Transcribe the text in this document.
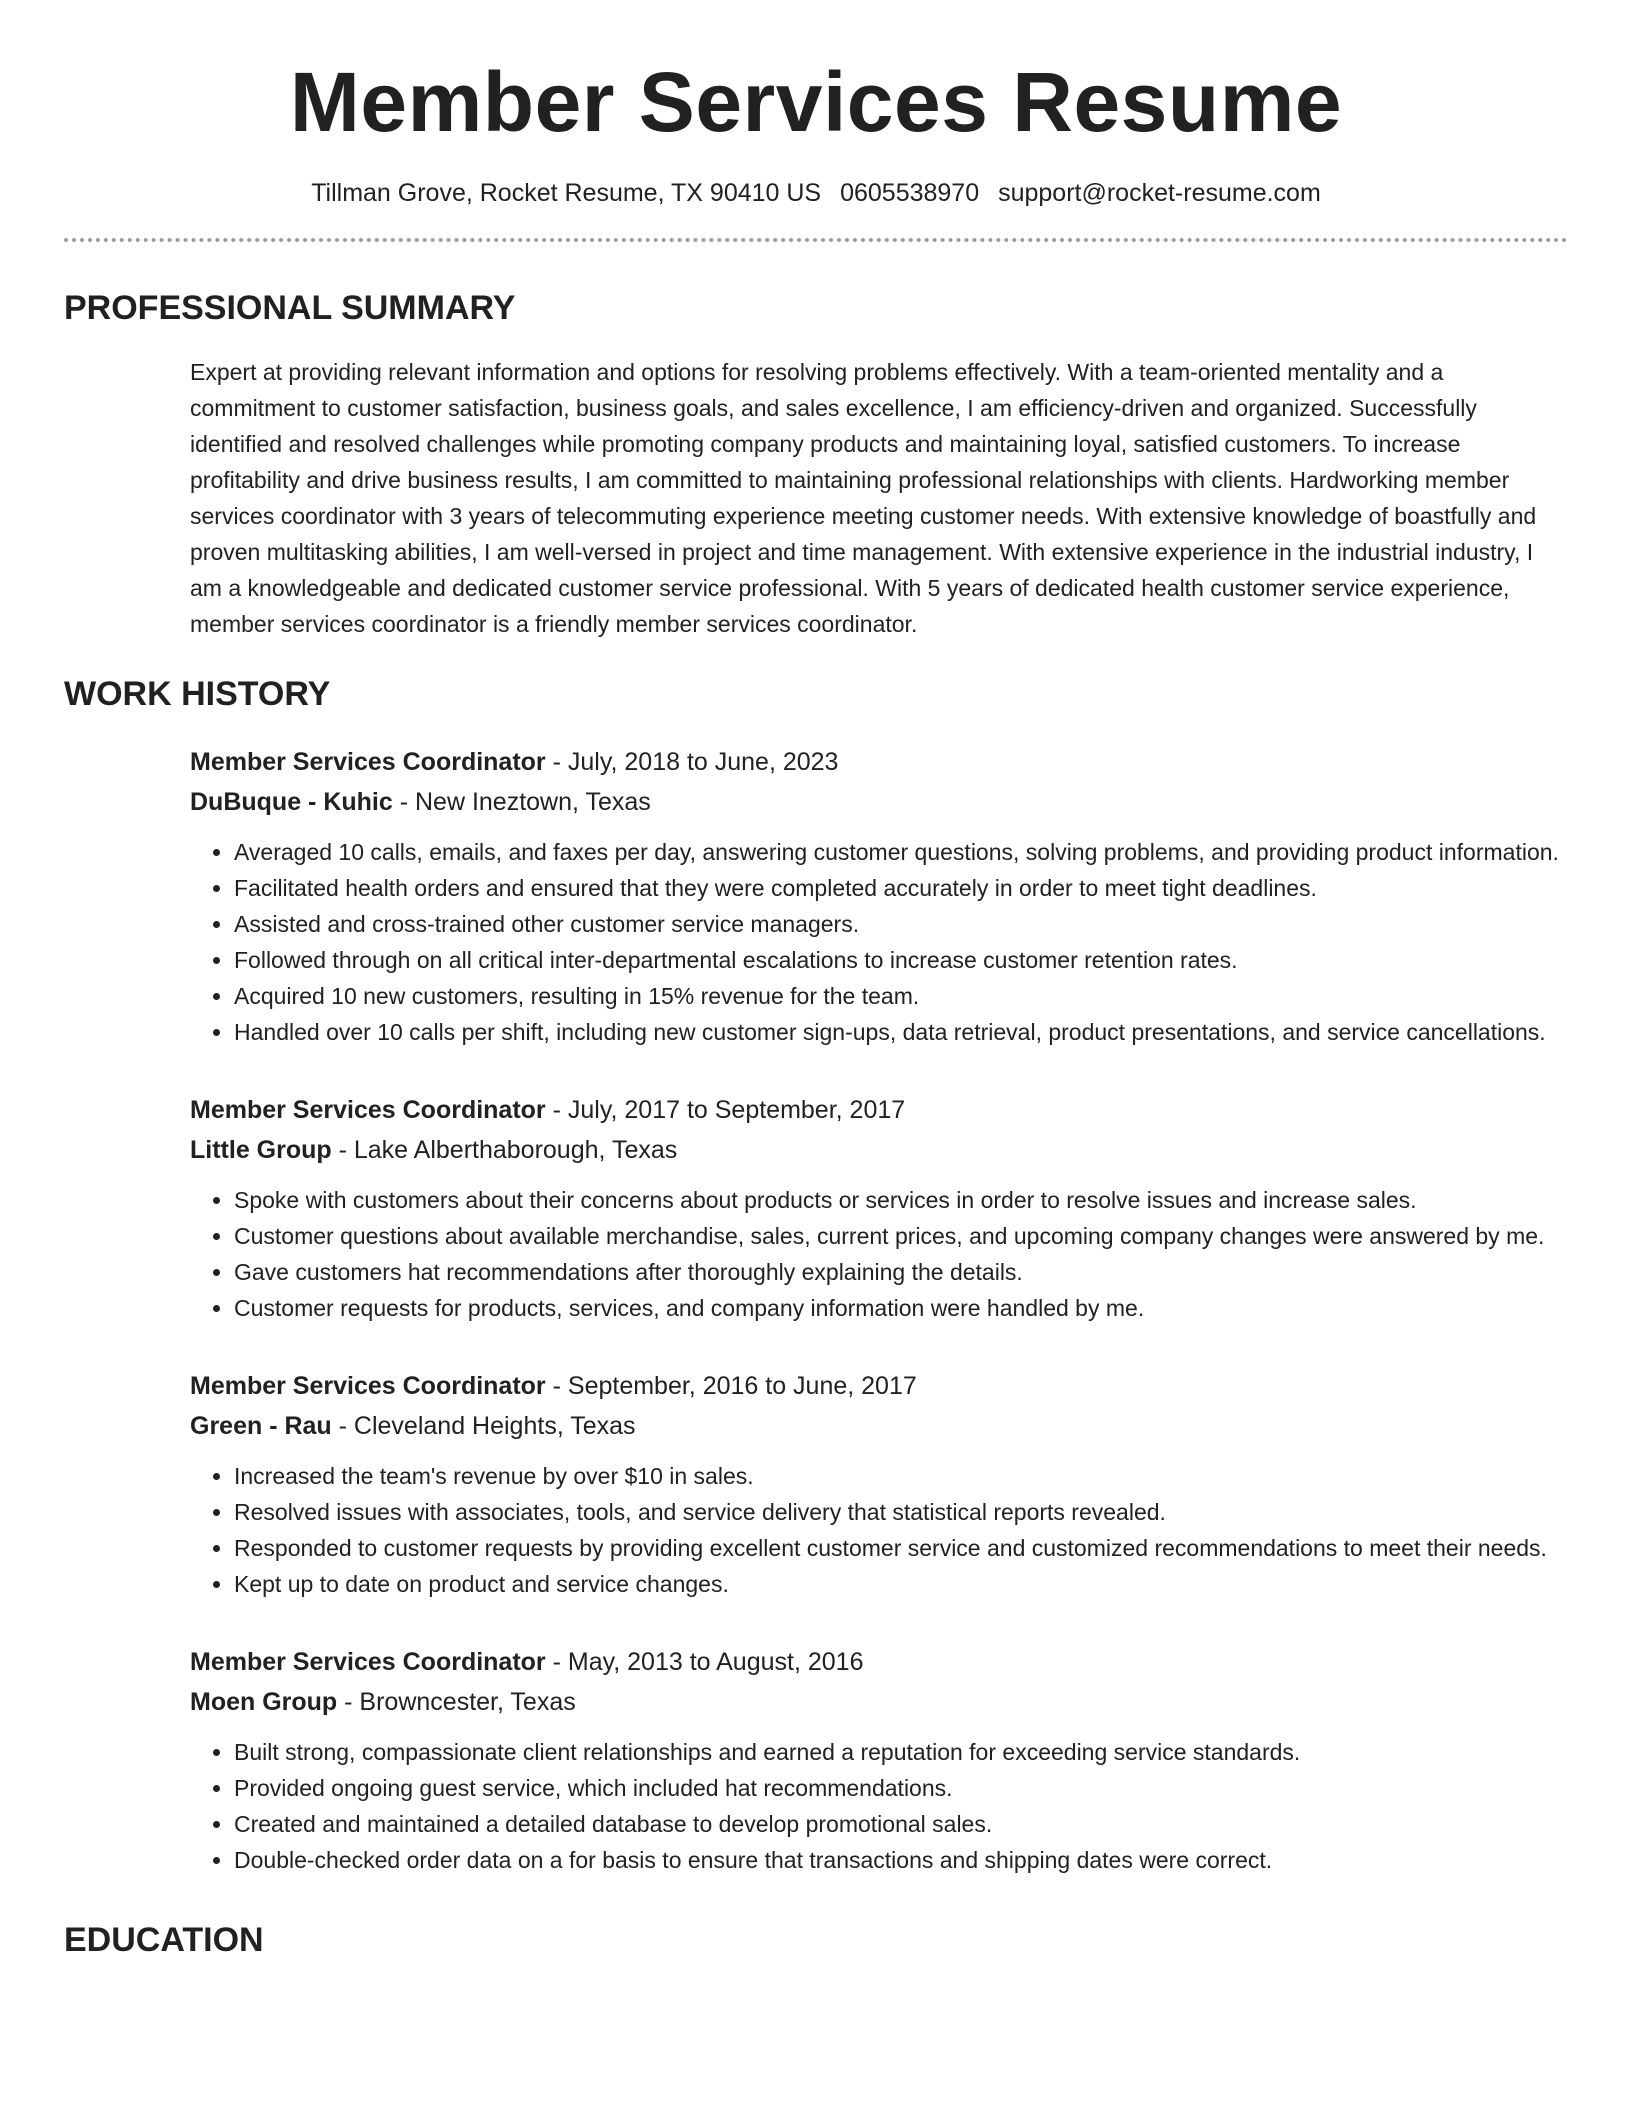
Member Services Resume
Tillman Grove, Rocket Resume, TX 90410 US 0605538970 support@rocket-resume.com
PROFESSIONAL SUMMARY

Expert at providing relevant information and options for resolving problems effectively. With a team-oriented mentality and a commitment to customer satisfaction, business goals, and sales excellence, I am efficiency-driven and organized. Successfully identified and resolved challenges while promoting company products and maintaining loyal, satisfied customers. To increase profitability and drive business results, I am committed to maintaining professional relationships with clients. Hardworking member services coordinator with 3 years of telecommuting experience meeting customer needs. With extensive knowledge of boastfully and proven multitasking abilities, I am well-versed in project and time management. With extensive experience in the industrial industry, I am a knowledgeable and dedicated customer service professional. With 5 years of dedicated health customer service experience, member services coordinator is a friendly member services coordinator.

WORK HISTORY
Member Services Coordinator - July, 2018 to June, 2023
DuBuque - Kuhic - New Ineztown, Texas
• Averaged 10 calls, emails, and faxes per day, answering customer questions, solving problems, and providing product information.
• Facilitated health orders and ensured that they were completed accurately in order to meet tight deadlines.
• Assisted and cross-trained other customer service managers.
• Followed through on all critical inter-departmental escalations to increase customer retention rates.
• Acquired 10 new customers, resulting in 15% revenue for the team.
• Handled over 10 calls per shift, including new customer sign-ups, data retrieval, product presentations, and service cancellations.
Member Services Coordinator - July, 2017 to September, 2017
Little Group - Lake Alberthaborough, Texas
• Spoke with customers about their concerns about products or services in order to resolve issues and increase sales.
• Customer questions about available merchandise, sales, current prices, and upcoming company changes were answered by me.
• Gave customers hat recommendations after thoroughly explaining the details.
• Customer requests for products, services, and company information were handled by me.
Member Services Coordinator - September, 2016 to June, 2017
Green - Rau - Cleveland Heights, Texas
• Increased the team's revenue by over $10 in sales.
• Resolved issues with associates, tools, and service delivery that statistical reports revealed.
• Responded to customer requests by providing excellent customer service and customized recommendations to meet their needs.
• Kept up to date on product and service changes.
Member Services Coordinator - May, 2013 to August, 2016
Moen Group - Browncester, Texas
• Built strong, compassionate client relationships and earned a reputation for exceeding service standards.
• Provided ongoing guest service, which included hat recommendations.
• Created and maintained a detailed database to develop promotional sales.
• Double-checked order data on a for basis to ensure that transactions and shipping dates were correct.
EDUCATION
